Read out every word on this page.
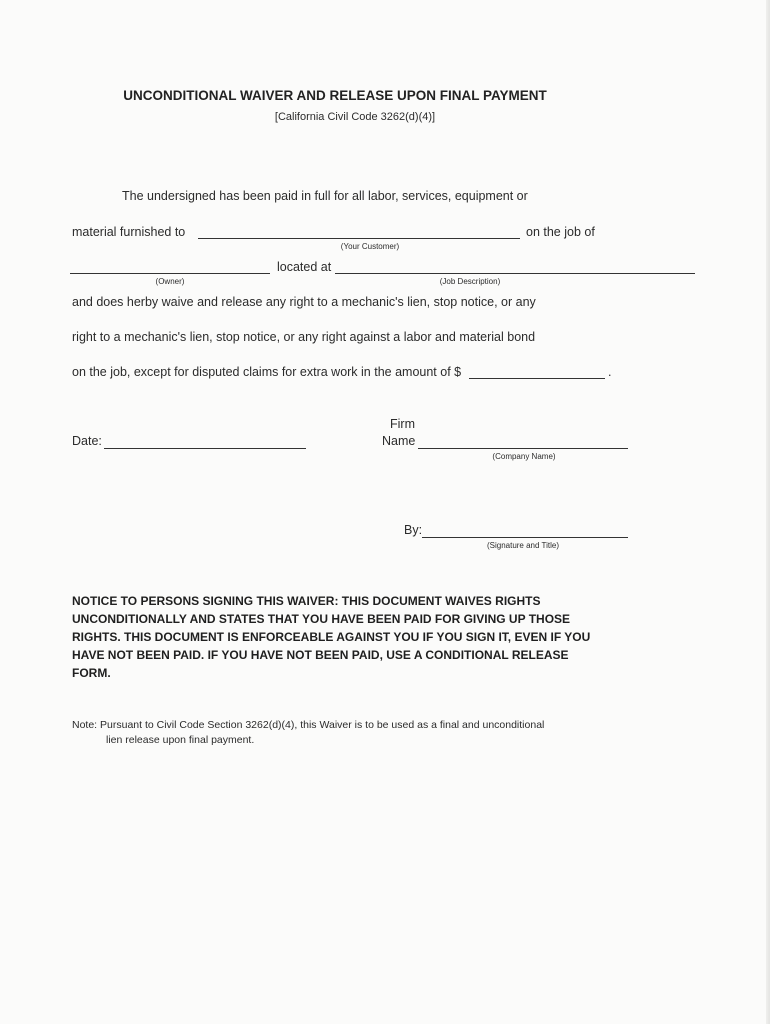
UNCONDITIONAL WAIVER AND RELEASE UPON FINAL PAYMENT
[California Civil Code 3262(d)(4)]
The undersigned has been paid in full for all labor, services, equipment or
material furnished to
(Your Customer)
on the job of
(Owner)
located at
(Job Description)
and does herby waive and release any right to a mechanic's lien, stop notice, or any
right to a mechanic's lien, stop notice, or any right against a labor and material bond
on the job, except for disputed claims for extra work in the amount of $	.
Firm
Date:	Name
(Company Name)
By:
(Signature and Title)
NOTICE TO PERSONS SIGNING THIS WAIVER: THIS DOCUMENT WAIVES RIGHTS UNCONDITIONALLY AND STATES THAT YOU HAVE BEEN PAID FOR GIVING UP THOSE RIGHTS. THIS DOCUMENT IS ENFORCEABLE AGAINST YOU IF YOU SIGN IT, EVEN IF YOU HAVE NOT BEEN PAID. IF YOU HAVE NOT BEEN PAID, USE A CONDITIONAL RELEASE FORM.
Note: Pursuant to Civil Code Section 3262(d)(4), this Waiver is to be used as a final and unconditional
lien release upon final payment.
